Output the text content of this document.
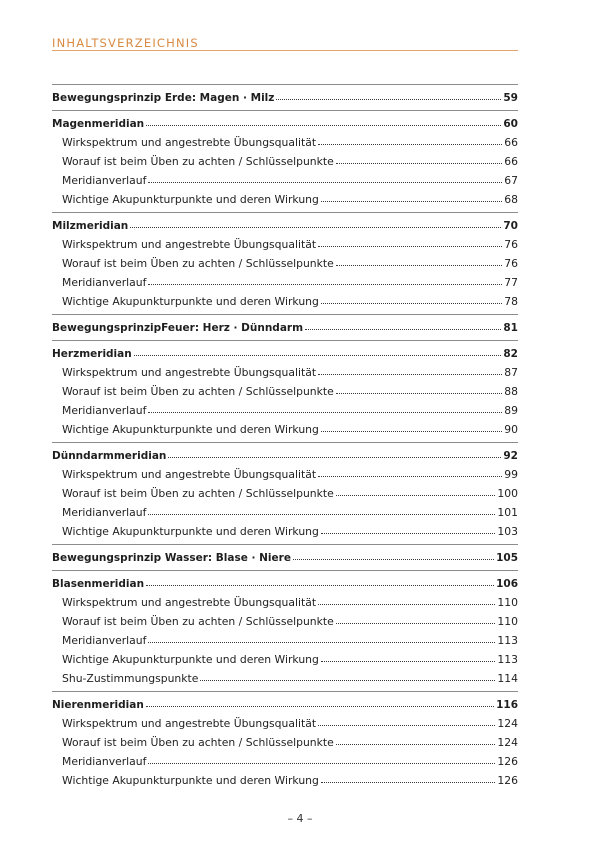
INHALTSVERZEICHNIS
Bewegungsprinzip Erde: Magen · Milz	59
Magenmeridian	60
Wirkspektrum und angestrebte Übungsqualität	66
Worauf ist beim Üben zu achten / Schlüsselpunkte	66
Meridianverlauf	67
Wichtige Akupunkturpunkte und deren Wirkung	68
Milzmeridian	70
Wirkspektrum und angestrebte Übungsqualität	76
Worauf ist beim Üben zu achten / Schlüsselpunkte	76
Meridianverlauf	77
Wichtige Akupunkturpunkte und deren Wirkung	78
BewegungsprinzipFeuer: Herz · Dünndarm	81
Herzmeridian	82
Wirkspektrum und angestrebte Übungsqualität	87
Worauf ist beim Üben zu achten / Schlüsselpunkte	88
Meridianverlauf	89
Wichtige Akupunkturpunkte und deren Wirkung	90
Dünndarmmeridian	92
Wirkspektrum und angestrebte Übungsqualität	99
Worauf ist beim Üben zu achten / Schlüsselpunkte	100
Meridianverlauf	101
Wichtige Akupunkturpunkte und deren Wirkung	103
Bewegungsprinzip Wasser: Blase · Niere	105
Blasenmeridian	106
Wirkspektrum und angestrebte Übungsqualität	110
Worauf ist beim Üben zu achten / Schlüsselpunkte	110
Meridianverlauf	113
Wichtige Akupunkturpunkte und deren Wirkung	113
Shu-Zustimmungspunkte	114
Nierenmeridian	116
Wirkspektrum und angestrebte Übungsqualität	124
Worauf ist beim Üben zu achten / Schlüsselpunkte	124
Meridianverlauf	126
Wichtige Akupunkturpunkte und deren Wirkung	126
– 4 –
